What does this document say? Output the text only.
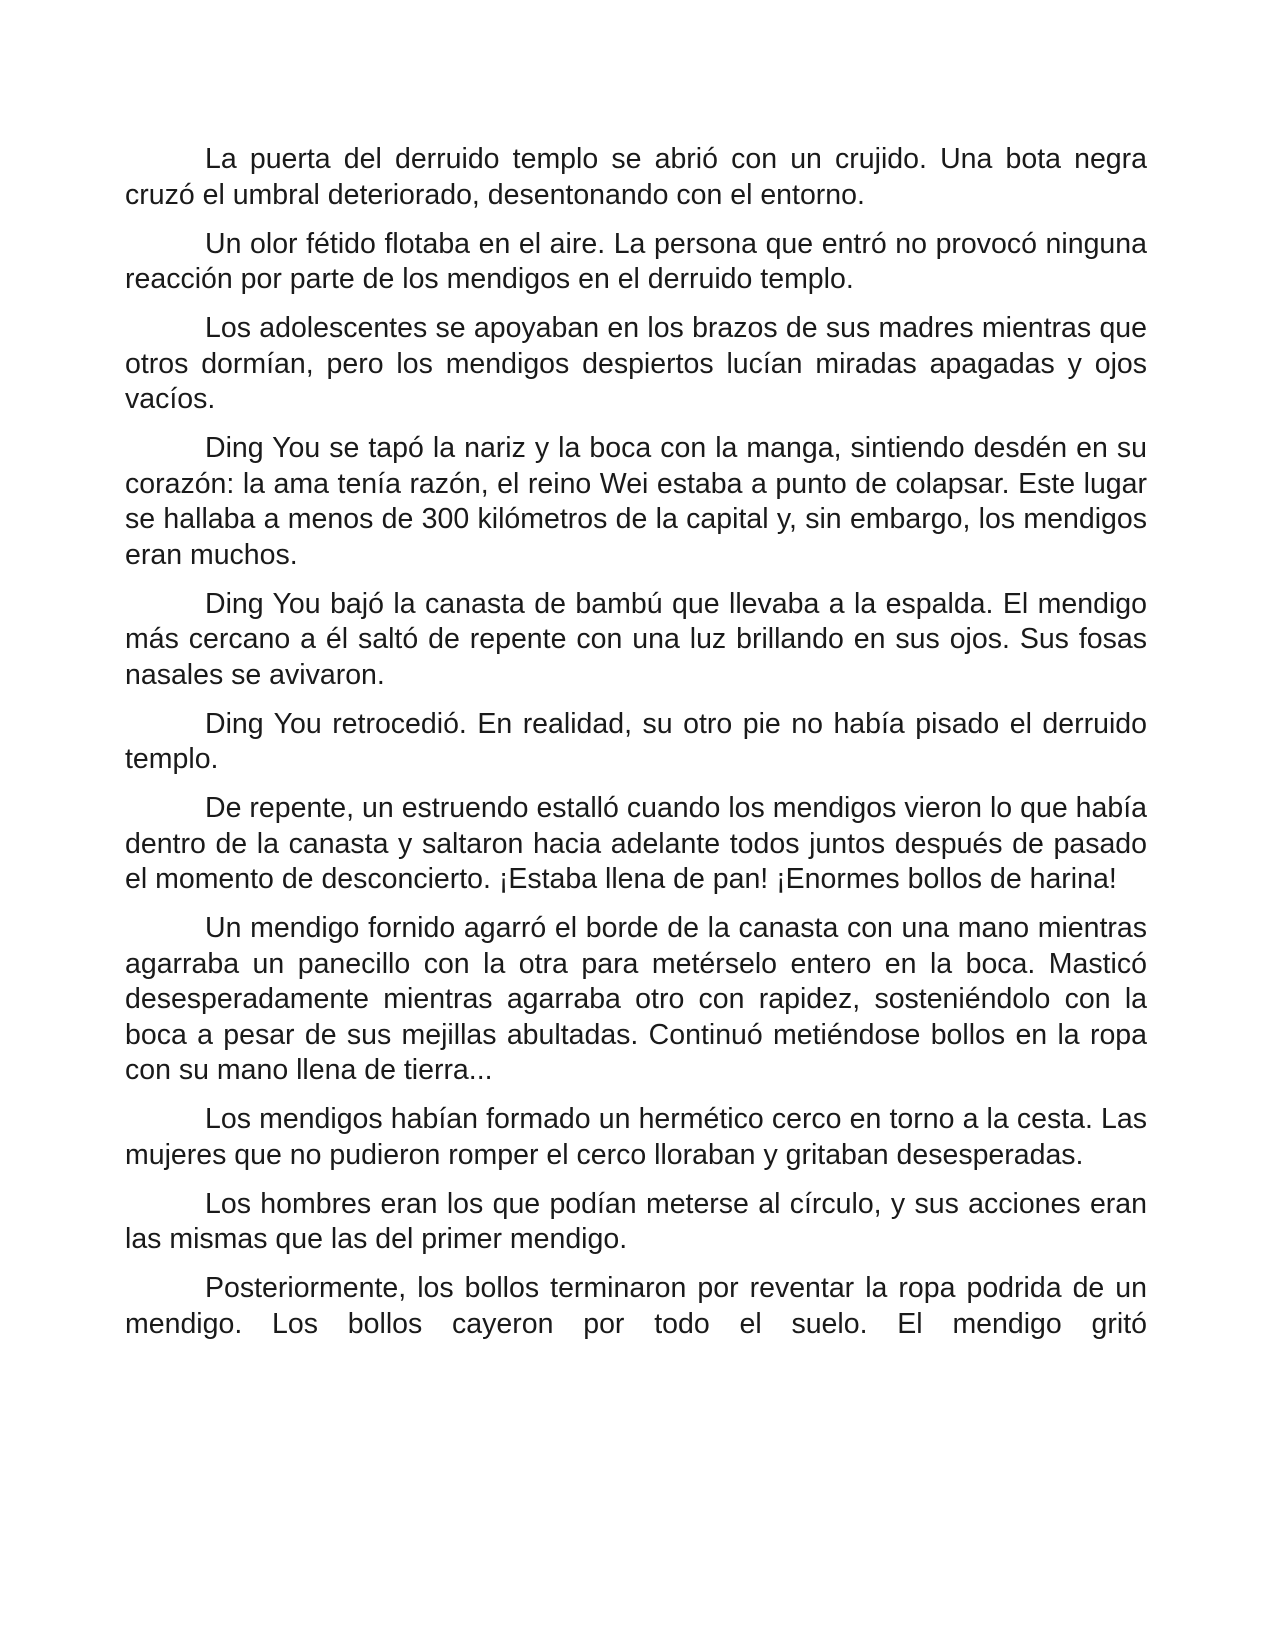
La puerta del derruido templo se abrió con un crujido. Una bota negra cruzó el umbral deteriorado, desentonando con el entorno.

Un olor fétido flotaba en el aire. La persona que entró no provocó ninguna reacción por parte de los mendigos en el derruido templo.

Los adolescentes se apoyaban en los brazos de sus madres mientras que otros dormían, pero los mendigos despiertos lucían miradas apagadas y ojos vacíos.

Ding You se tapó la nariz y la boca con la manga, sintiendo desdén en su corazón: la ama tenía razón, el reino Wei estaba a punto de colapsar. Este lugar se hallaba a menos de 300 kilómetros de la capital y, sin embargo, los mendigos eran muchos.

Ding You bajó la canasta de bambú que llevaba a la espalda. El mendigo más cercano a él saltó de repente con una luz brillando en sus ojos. Sus fosas nasales se avivaron.

Ding You retrocedió. En realidad, su otro pie no había pisado el derruido templo.

De repente, un estruendo estalló cuando los mendigos vieron lo que había dentro de la canasta y saltaron hacia adelante todos juntos después de pasado el momento de desconcierto. ¡Estaba llena de pan! ¡Enormes bollos de harina!

Un mendigo fornido agarró el borde de la canasta con una mano mientras agarraba un panecillo con la otra para metérselo entero en la boca. Masticó desesperadamente mientras agarraba otro con rapidez, sosteniéndolo con la boca a pesar de sus mejillas abultadas. Continuó metiéndose bollos en la ropa con su mano llena de tierra...

Los mendigos habían formado un hermético cerco en torno a la cesta. Las mujeres que no pudieron romper el cerco lloraban y gritaban desesperadas.

Los hombres eran los que podían meterse al círculo, y sus acciones eran las mismas que las del primer mendigo.

Posteriormente, los bollos terminaron por reventar la ropa podrida de un mendigo. Los bollos cayeron por todo el suelo. El mendigo gritó
